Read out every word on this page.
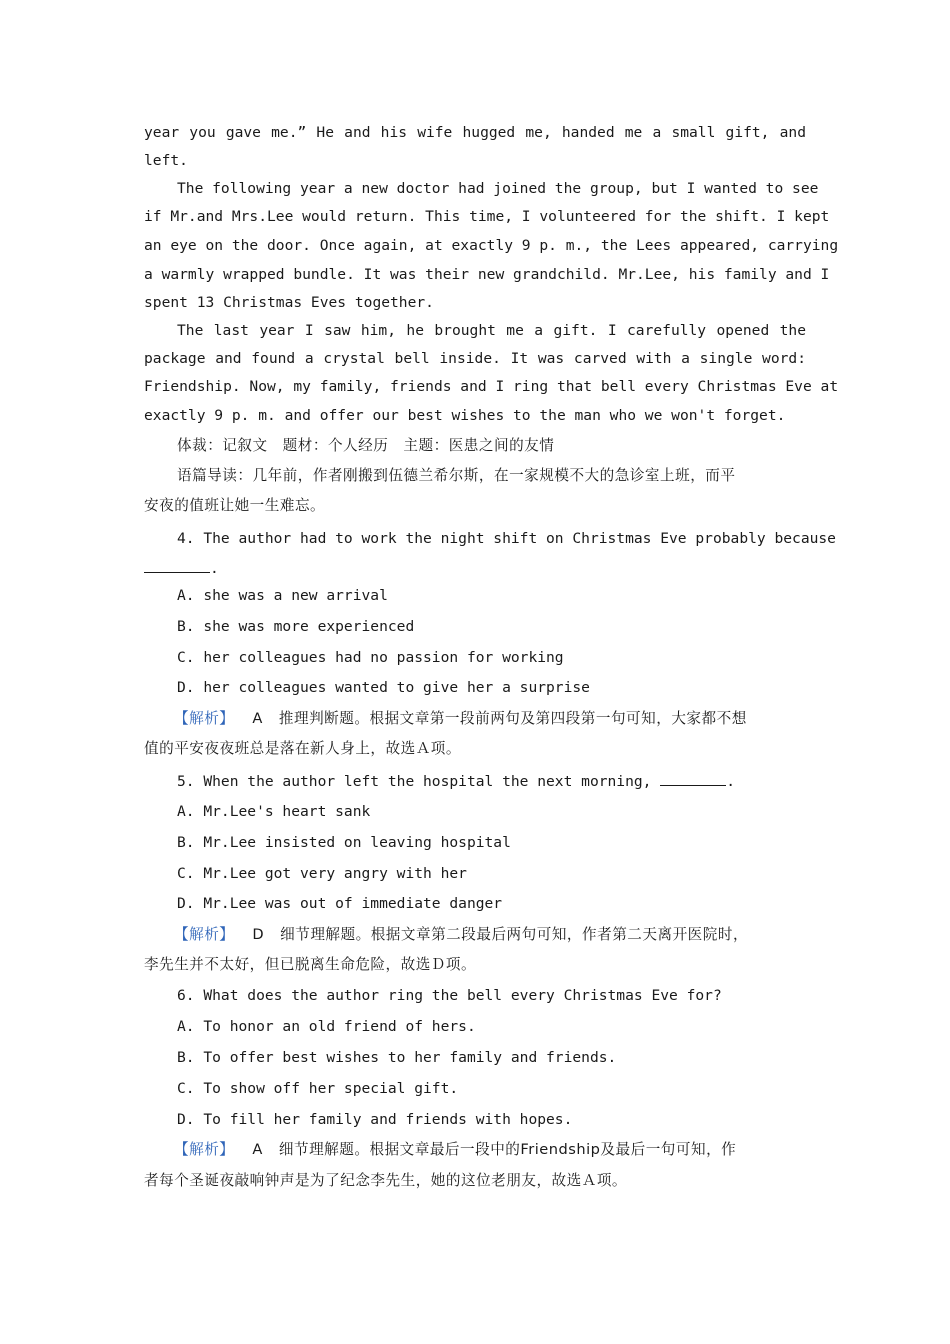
year you gave me.” He and his wife hugged me, handed me a small gift, and
left.
The following year a new doctor had joined the group, but I wanted to see
if Mr.and Mrs.Lee would return. This time, I volunteered for the shift. I kept
an eye on the door. Once again, at exactly 9 p. m., the Lees appeared, carrying
a warmly wrapped bundle. It was their new grandchild. Mr.Lee, his family and I
spent 13 Christmas Eves together.
The last year I saw him, he brought me a gift. I carefully opened the
package and found a crystal bell inside. It was carved with a single word:
Friendship. Now, my family, friends and I ring that bell every Christmas Eve at
exactly 9 p. m. and offer our best wishes to the man who we won't forget.
体裁：记叙文　题材：个人经历　主题：医患之间的友情
语篇导读：几年前，作者刚搬到伍德兰希尔斯，在一家规模不大的急诊室上班，而平
安夜的值班让她一生难忘。
4. The author had to work the night shift on Christmas Eve probably because
.
A. she was a new arrival
B. she was more experienced
C. her colleagues had no passion for working
D. her colleagues wanted to give her a surprise
【解析】 A 推理判断题。根据文章第一段前两句及第四段第一句可知，大家都不想
值的平安夜夜班总是落在新人身上，故选Ａ项。
5. When the author left the hospital the next morning,	.
A. Mr.Lee's heart sank
B. Mr.Lee insisted on leaving hospital
C. Mr.Lee got very angry with her
D. Mr.Lee was out of immediate danger
【解析】 D 细节理解题。根据文章第二段最后两句可知，作者第二天离开医院时，
李先生并不太好，但已脱离生命危险，故选Ｄ项。
6. What does the author ring the bell every Christmas Eve for?
A. To honor an old friend of hers.
B. To offer best wishes to her family and friends.
C. To show off her special gift.
D. To fill her family and friends with hopes.
【解析】 A 细节理解题。根据文章最后一段中的Friendship及最后一句可知，作
者每个圣诞夜敲响钟声是为了纪念李先生，她的这位老朋友，故选Ａ项。
